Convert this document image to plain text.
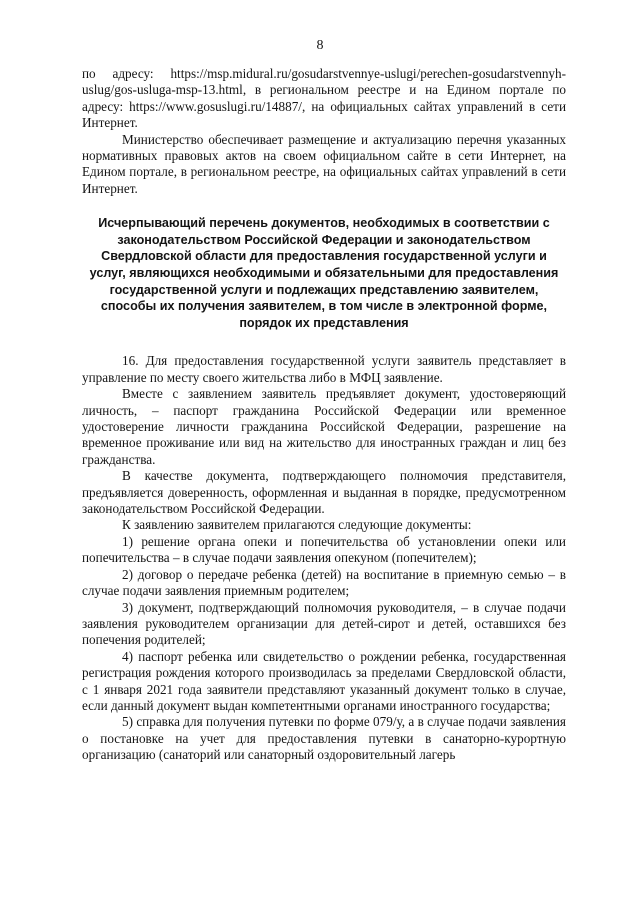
8

по адресу: https://msp.midural.ru/gosudarstvennye-uslugi/perechen-gosudarstvennyh-uslug/gos-usluga-msp-13.html, в региональном реестре и на Едином портале по адресу: https://www.gosuslugi.ru/14887/, на официальных сайтах управлений в сети Интернет.

Министерство обеспечивает размещение и актуализацию перечня указанных нормативных правовых актов на своем официальном сайте в сети Интернет, на Едином портале, в региональном реестре, на официальных сайтах управлений в сети Интернет.

Исчерпывающий перечень документов, необходимых в соответствии с законодательством Российской Федерации и законодательством Свердловской области для предоставления государственной услуги и услуг, являющихся необходимыми и обязательными для предоставления государственной услуги и подлежащих представлению заявителем, способы их получения заявителем, в том числе в электронной форме, порядок их представления

16. Для предоставления государственной услуги заявитель представляет в управление по месту своего жительства либо в МФЦ заявление.

Вместе с заявлением заявитель предъявляет документ, удостоверяющий личность, – паспорт гражданина Российской Федерации или временное удостоверение личности гражданина Российской Федерации, разрешение на временное проживание или вид на жительство для иностранных граждан и лиц без гражданства.

В качестве документа, подтверждающего полномочия представителя, предъявляется доверенность, оформленная и выданная в порядке, предусмотренном законодательством Российской Федерации.

К заявлению заявителем прилагаются следующие документы:

1) решение органа опеки и попечительства об установлении опеки или попечительства – в случае подачи заявления опекуном (попечителем);

2) договор о передаче ребенка (детей) на воспитание в приемную семью – в случае подачи заявления приемным родителем;

3) документ, подтверждающий полномочия руководителя, – в случае подачи заявления руководителем организации для детей-сирот и детей, оставшихся без попечения родителей;

4) паспорт ребенка или свидетельство о рождении ребенка, государственная регистрация рождения которого производилась за пределами Свердловской области, с 1 января 2021 года заявители представляют указанный документ только в случае, если данный документ выдан компетентными органами иностранного государства;

5) справка для получения путевки по форме 079/у, а в случае подачи заявления о постановке на учет для предоставления путевки в санаторно-курортную организацию (санаторий или санаторный оздоровительный лагерь
